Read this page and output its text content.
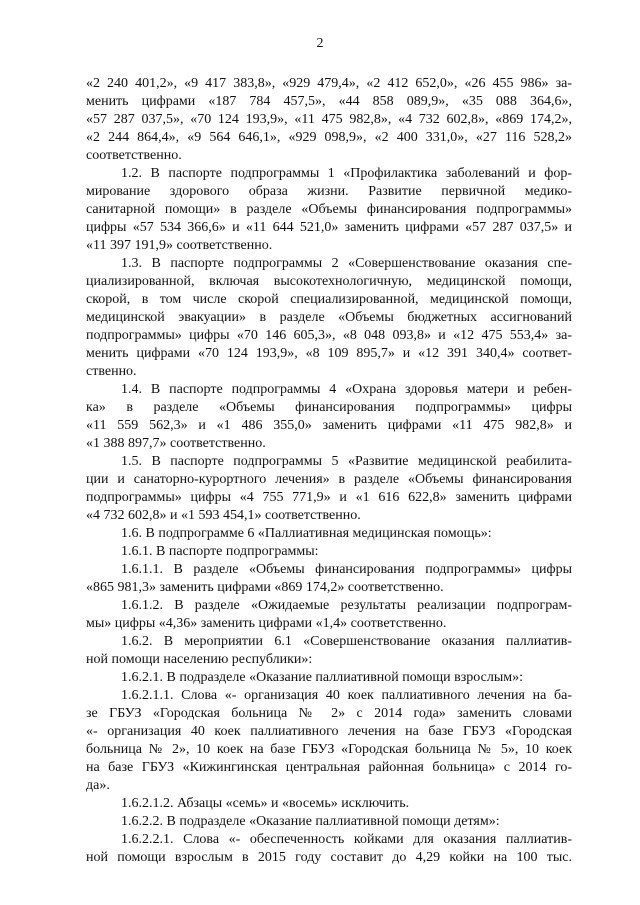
2
«2 240 401,2», «9 417 383,8», «929 479,4», «2 412 652,0», «26 455 986» за-
менить цифрами «187 784 457,5», «44 858 089,9», «35 088 364,6»,
«57 287 037,5», «70 124 193,9», «11 475 982,8», «4 732 602,8», «869 174,2»,
«2 244 864,4», «9 564 646,1», «929 098,9», «2 400 331,0», «27 116 528,2»
соответственно.
1.2. В паспорте подпрограммы 1 «Профилактика заболеваний и фор-
мирование здорового образа жизни. Развитие первичной медико-
санитарной помощи» в разделе «Объемы финансирования подпрограммы»
цифры «57 534 366,6» и «11 644 521,0» заменить цифрами «57 287 037,5» и
«11 397 191,9» соответственно.
1.3. В паспорте подпрограммы 2 «Совершенствование оказания спе-
циализированной, включая высокотехнологичную, медицинской помощи,
скорой, в том числе скорой специализированной, медицинской помощи,
медицинской эвакуации» в разделе «Объемы бюджетных ассигнований
подпрограммы» цифры «70 146 605,3», «8 048 093,8» и «12 475 553,4» за-
менить цифрами «70 124 193,9», «8 109 895,7» и «12 391 340,4» соответ-
ственно.
1.4. В паспорте подпрограммы 4 «Охрана здоровья матери и ребен-
ка» в разделе «Объемы финансирования подпрограммы» цифры
«11 559 562,3» и «1 486 355,0» заменить цифрами «11 475 982,8» и
«1 388 897,7» соответственно.
1.5. В паспорте подпрограммы 5 «Развитие медицинской реабилита-
ции и санаторно-курортного лечения» в разделе «Объемы финансирования
подпрограммы» цифры «4 755 771,9» и «1 616 622,8» заменить цифрами
«4 732 602,8» и «1 593 454,1» соответственно.
1.6. В подпрограмме 6 «Паллиативная медицинская помощь»:
1.6.1. В паспорте подпрограммы:
1.6.1.1. В разделе «Объемы финансирования подпрограммы» цифры
«865 981,3» заменить цифрами «869 174,2» соответственно.
1.6.1.2. В разделе «Ожидаемые результаты реализации подпрограм-
мы» цифры «4,36» заменить цифрами «1,4» соответственно.
1.6.2. В мероприятии 6.1 «Совершенствование оказания паллиатив-
ной помощи населению республики»:
1.6.2.1. В подразделе «Оказание паллиативной помощи взрослым»:
1.6.2.1.1. Слова «- организация 40 коек паллиативного лечения на ба-
зе ГБУЗ «Городская больница № 2» с 2014 года» заменить словами
«- организация 40 коек паллиативного лечения на базе ГБУЗ «Городская
больница № 2», 10 коек на базе ГБУЗ «Городская больница № 5», 10 коек
на базе ГБУЗ «Кижингинская центральная районная больница» с 2014 го-
да».
1.6.2.1.2. Абзацы «семь» и «восемь» исключить.
1.6.2.2. В подразделе «Оказание паллиативной помощи детям»:
1.6.2.2.1. Слова «- обеспеченность койками для оказания паллиатив-
ной помощи взрослым в 2015 году составит до 4,29 койки на 100 тыс.
